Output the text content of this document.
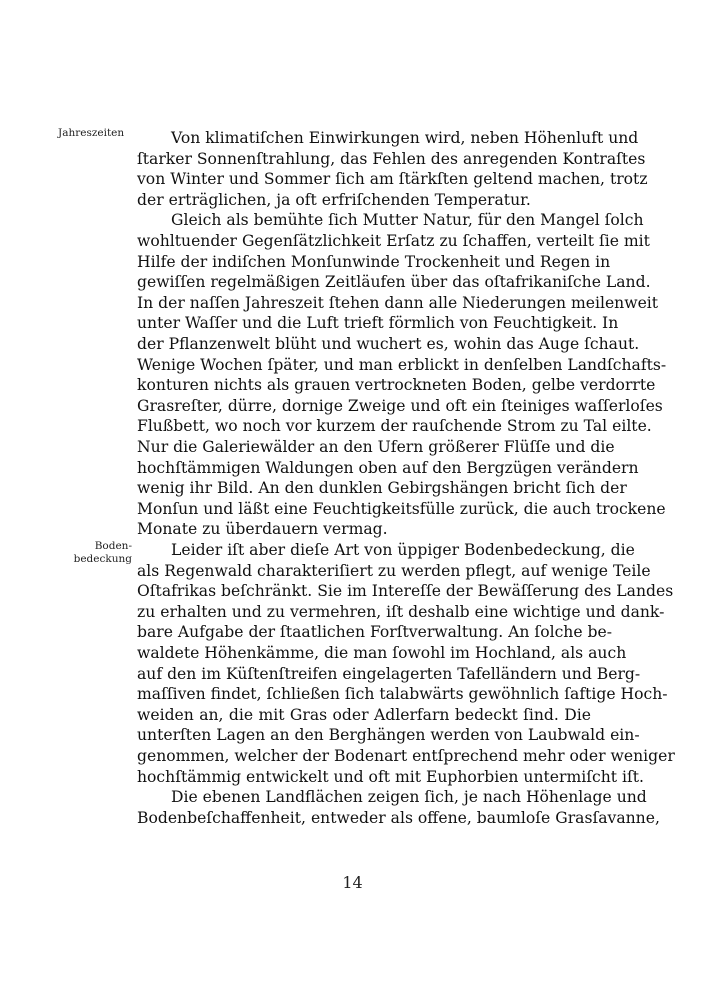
Jahreszeiten	Von klimatiſchen Einwirkungen wird, neben Höhenluft und
ſtarker Sonnenſtrahlung, das Fehlen des anregenden Kontraſtes
von Winter und Sommer ſich am ſtärkſten geltend machen, trotz
der erträglichen, ja oft erfriſchenden Temperatur.
Gleich als bemühte ſich Mutter Natur, für den Mangel ſolch
wohltuender Gegenſätzlichkeit Erſatz zu ſchaffen, verteilt ſie mit
Hilfe der indiſchen Monſunwinde Trockenheit und Regen in
gewiſſen regelmäßigen Zeitläufen über das oſtafrikaniſche Land.
In der naſſen Jahreszeit ſtehen dann alle Niederungen meilenweit
unter Waſſer und die Luft trieft förmlich von Feuchtigkeit. In
der Pflanzenwelt blüht und wuchert es, wohin das Auge ſchaut.
Wenige Wochen ſpäter, und man erblickt in denſelben Landſchafts-
konturen nichts als grauen vertrockneten Boden, gelbe verdorrte
Grasreſter, dürre, dornige Zweige und oft ein ſteiniges waſſerloſes
Flußbett, wo noch vor kurzem der rauſchende Strom zu Tal eilte.
Nur die Galeriewälder an den Ufern größerer Flüſſe und die
hochſtämmigen Waldungen oben auf den Bergzügen verändern
wenig ihr Bild. An den dunklen Gebirgshängen bricht ſich der
Monſun und läßt eine Feuchtigkeitsfülle zurück, die auch trockene
Monate zu überdauern vermag.
Boden-
bedeckung	Leider iſt aber dieſe Art von üppiger Bodenbedeckung, die
als Regenwald charakteriſiert zu werden pflegt, auf wenige Teile
Oſtafrikas beſchränkt. Sie im Intereſſe der Bewäſſerung des Landes
zu erhalten und zu vermehren, iſt deshalb eine wichtige und dank-
bare Aufgabe der ſtaatlichen Forſtverwaltung. An ſolche be-
waldete Höhenkämme, die man ſowohl im Hochland, als auch
auf den im Küſtenſtreifen eingelagerten Tafelländern und Berg-
maſſiven findet, ſchließen ſich talabwärts gewöhnlich ſaftige Hoch-
weiden an, die mit Gras oder Adlerfarn bedeckt ſind. Die
unterſten Lagen an den Berghängen werden von Laubwald ein-
genommen, welcher der Bodenart entſprechend mehr oder weniger
hochſtämmig entwickelt und oft mit Euphorbien untermiſcht iſt.
Die ebenen Landflächen zeigen ſich, je nach Höhenlage und
Bodenbeſchaffenheit, entweder als offene, baumloſe Grasſavanne,
14
